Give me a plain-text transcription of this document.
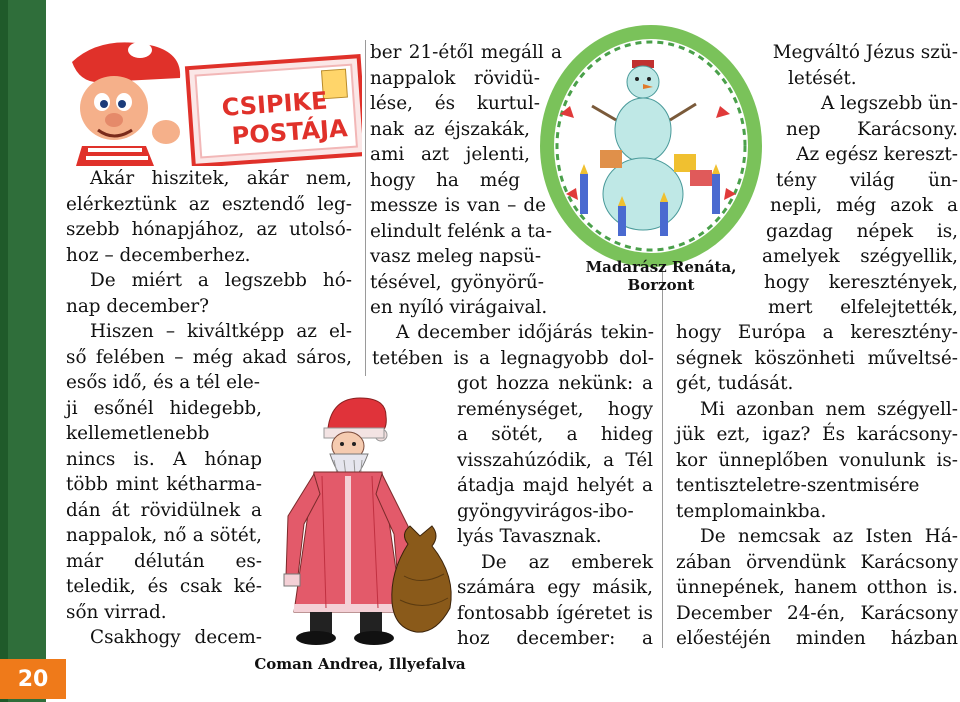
20
CSIPIKE
POSTÁJA
Akár hiszitek, akár nem,
elérkeztünk az esztendő leg-
szebb hónapjához, az utolsó-
hoz – decemberhez.
De miért a legszebb hó-
nap december?
Hiszen – kiváltképp az el-
ső felében – még akad sáros,
esős idő, és a tél ele-
ji esőnél hidegebb,
kellemetlenebb
nincs is. A hónap
több mint kétharma-
dán át rövidülnek a
nappalok, nő a sötét,
már délután es-
teledik, és csak ké-
sőn virrad.
Csakhogy decem-
ber 21-étől megáll a
nappalok rövidü-
lése, és kurtul-
nak az éjszakák,
ami azt jelenti,
hogy ha még
messze is van – de
elindult felénk a ta-
vasz meleg napsü-
tésével, gyönyörű-
en nyíló virágaival.
A december időjárás tekin-
tetében is a legnagyobb dol-
got hozza nekünk: a
reménységet, hogy
a sötét, a hideg
visszahúzódik, a Tél
átadja majd helyét a
gyöngyvirágos-ibo-
lyás Tavasznak.
De az emberek
számára egy másik,
fontosabb ígéretet is
hoz december: a
Madarász Renáta,
Borzont
Megváltó Jézus szü-
letését.
A legszebb ün-
nep Karácsony.
Az egész kereszt-
tény világ ün-
nepli, még azok a
gazdag népek is,
amelyek szégyellik,
hogy keresztények,
mert elfelejtették,
hogy Európa a keresztény-
ségnek köszönheti műveltsé-
gét, tudását.
Mi azonban nem szégyell-
jük ezt, igaz? És karácsony-
kor ünneplőben vonulunk is-
tentiszteletre-szentmisére
templomainkba.
De nemcsak az Isten Há-
zában örvendünk Karácsony
ünnepének, hanem otthon is.
December 24-én, Karácsony
előestéjén minden házban
Coman Andrea, Illyefalva
